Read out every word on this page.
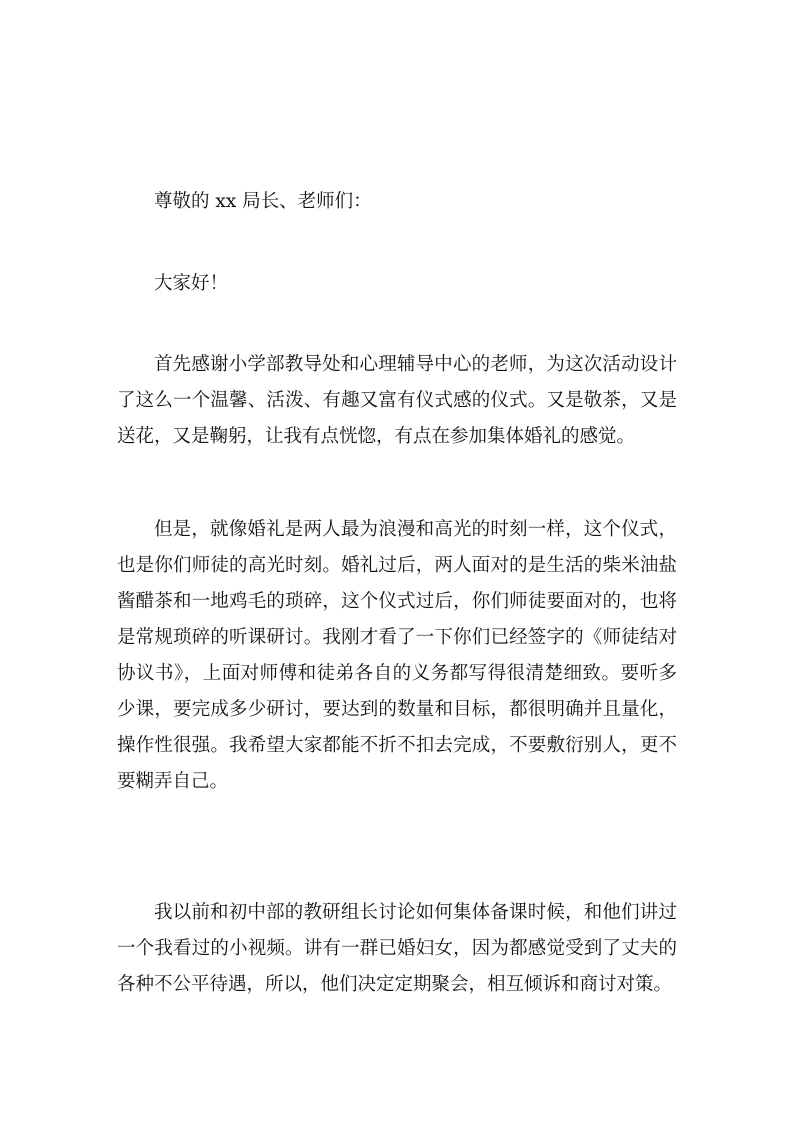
尊敬的 xx 局长、老师们：

大家好！

首先感谢小学部教导处和心理辅导中心的老师，为这次活动设计了这么一个温馨、活泼、有趣又富有仪式感的仪式。又是敬茶，又是送花，又是鞠躬，让我有点恍惚，有点在参加集体婚礼的感觉。

但是，就像婚礼是两人最为浪漫和高光的时刻一样，这个仪式，也是你们师徒的高光时刻。婚礼过后，两人面对的是生活的柴米油盐酱醋茶和一地鸡毛的琐碎，这个仪式过后，你们师徒要面对的，也将是常规琐碎的听课研讨。我刚才看了一下你们已经签字的《师徒结对协议书》，上面对师傅和徒弟各自的义务都写得很清楚细致。要听多少课，要完成多少研讨，要达到的数量和目标，都很明确并且量化，操作性很强。我希望大家都能不折不扣去完成，不要敷衍别人，更不要糊弄自己。

我以前和初中部的教研组长讨论如何集体备课时候，和他们讲过一个我看过的小视频。讲有一群已婚妇女，因为都感觉受到了丈夫的各种不公平待遇，所以，他们决定定期聚会，相互倾诉和商讨对策。
